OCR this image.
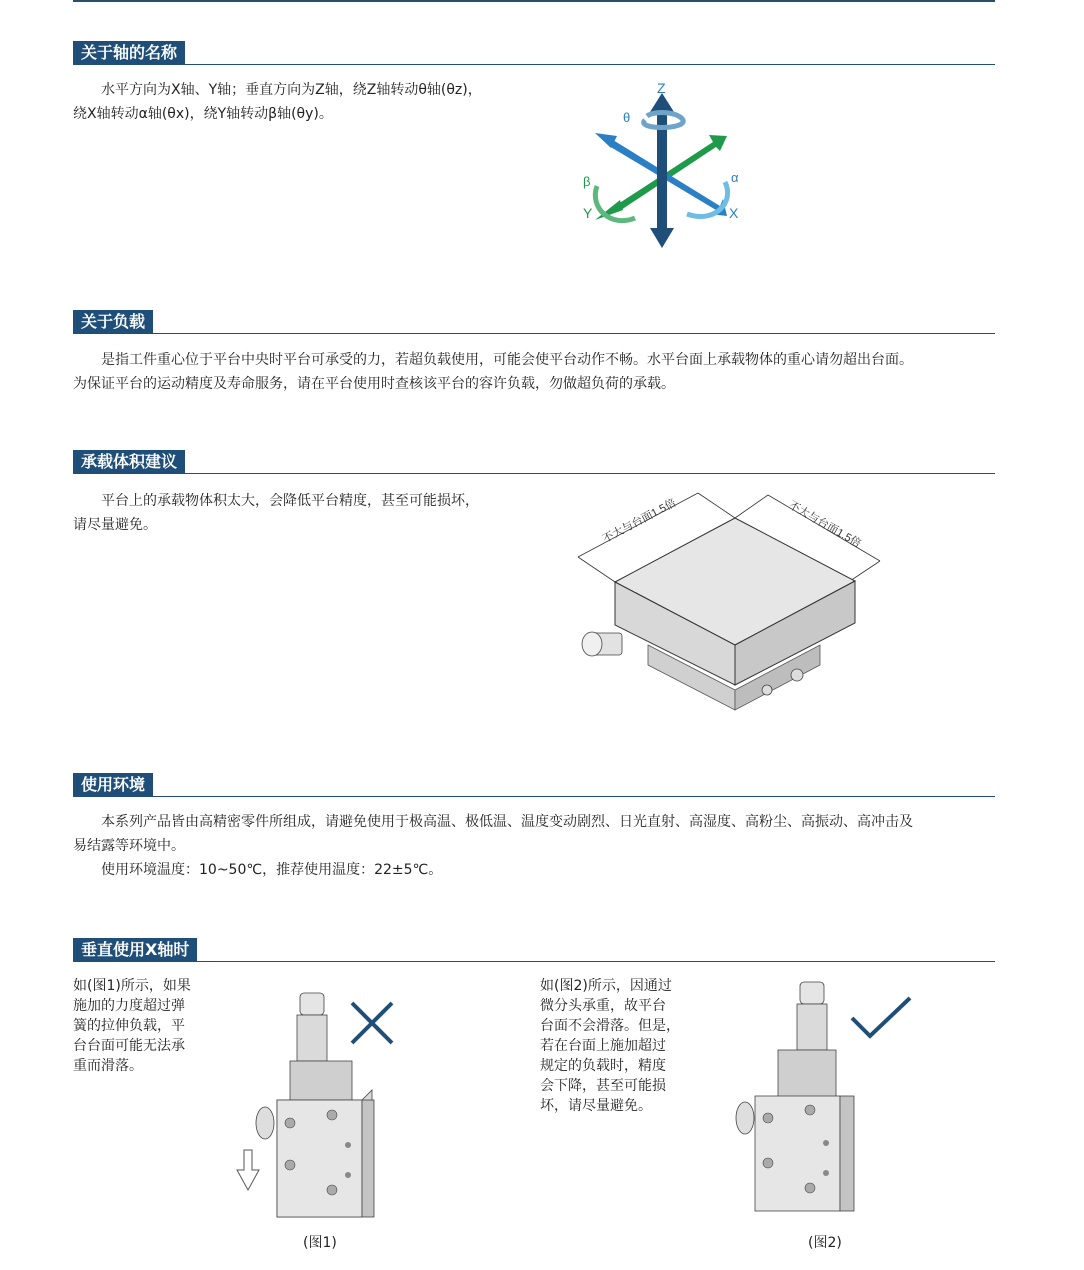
关于轴的名称

水平方向为X轴、Y轴；垂直方向为Z轴，绕Z轴转动θ轴(θz)，

绕X轴转动α轴(θx)，绕Y轴转动β轴(θy)。

Z
θ
β
Y
α
X
关于负载

是指工件重心位于平台中央时平台可承受的力，若超负载使用，可能会使平台动作不畅。水平台面上承载物体的重心请勿超出台面。

为保证平台的运动精度及寿命服务，请在平台使用时查核该平台的容许负载，勿做超负荷的承载。

承载体积建议

平台上的承载物体积太大，会降低平台精度，甚至可能损坏，

请尽量避免。	不大与台面1.5倍	不大与台面1.5倍
使用环境

本系列产品皆由高精密零件所组成，请避免使用于极高温、极低温、温度变动剧烈、日光直射、高湿度、高粉尘、高振动、高冲击及

易结露等环境中。

使用环境温度：10~50℃，推荐使用温度：22±5℃。

垂直使用X轴时
如(图1)所示，如果
施加的力度超过弹
簧的拉伸负载，平
台台面可能无法承
重而滑落。
如(图2)所示，因通过
微分头承重，故平台
台面不会滑落。但是，
若在台面上施加超过
规定的负载时，精度
会下降，甚至可能损
坏，请尽量避免。
(图1)	(图2)
